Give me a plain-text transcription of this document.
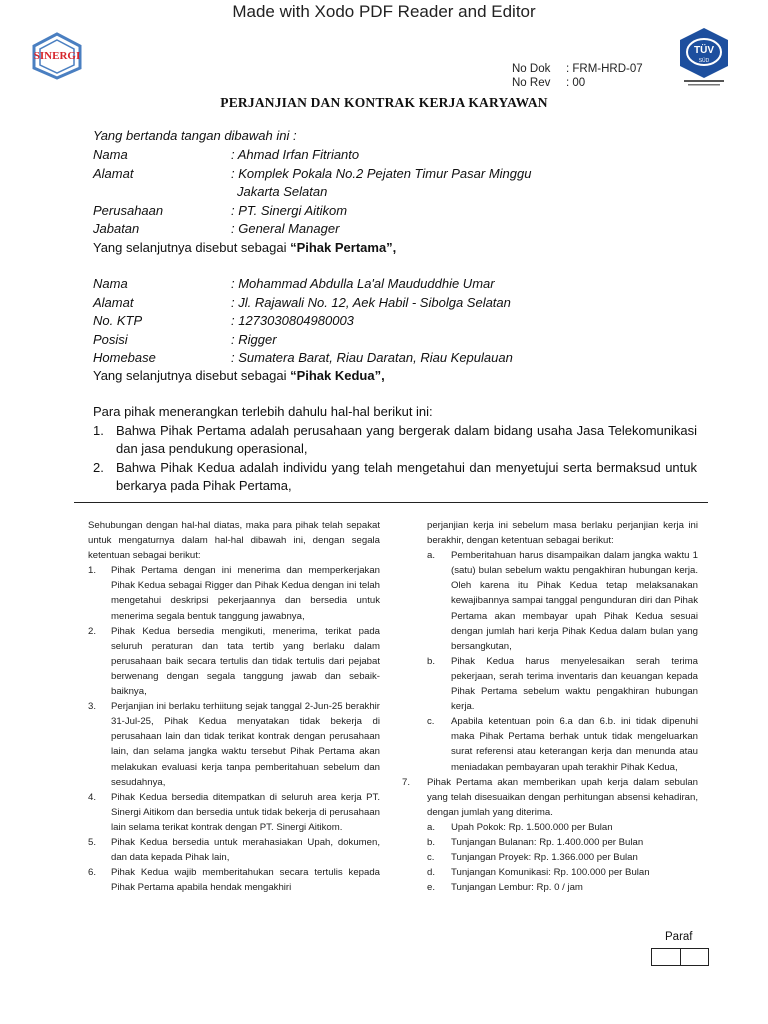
Made with Xodo PDF Reader and Editor
SINERGI	TÜV
SÜD
No Dok : FRM-HRD-07
No Rev : 00
PERJANJIAN DAN KONTRAK KERJA KARYAWAN
Yang bertanda tangan dibawah ini :
Nama	: Ahmad Irfan Fitrianto
Alamat	: Komplek Pokala No.2 Pejaten Timur Pasar Minggu
Jakarta Selatan
Perusahaan	: PT. Sinergi Aitikom
Jabatan	: General Manager
Yang selanjutnya disebut sebagai “Pihak Pertama”,
Nama	: Mohammad Abdulla La'al Maududdhie Umar
Alamat	: Jl. Rajawali No. 12, Aek Habil - Sibolga Selatan
No. KTP	: 1273030804980003
Posisi	: Rigger
Homebase	: Sumatera Barat, Riau Daratan, Riau Kepulauan
Yang selanjutnya disebut sebagai “Pihak Kedua”,
Para pihak menerangkan terlebih dahulu hal-hal berikut ini:
1. Bahwa Pihak Pertama adalah perusahaan yang bergerak dalam bidang usaha Jasa Telekomunikasi dan jasa pendukung operasional,
2. Bahwa Pihak Kedua adalah individu yang telah mengetahui dan menyetujui serta bermaksud untuk berkarya pada Pihak Pertama,
Sehubungan dengan hal-hal diatas, maka para pihak telah sepakat untuk mengaturnya dalam hal-hal dibawah ini, dengan segala ketentuan sebagai berikut:
1. Pihak Pertama dengan ini menerima dan memperkerjakan Pihak Kedua sebagai Rigger dan Pihak Kedua dengan ini telah mengetahui deskripsi pekerjaannya dan bersedia untuk menerima segala bentuk tanggung jawabnya,
2. Pihak Kedua bersedia mengikuti, menerima, terikat pada seluruh peraturan dan tata tertib yang berlaku dalam perusahaan baik secara tertulis dan tidak tertulis dari pejabat berwenang dengan segala tanggung jawab dan sebaik-baiknya,
3. Perjanjian ini berlaku terhiitung sejak tanggal 2-Jun-25 berakhir 31-Jul-25, Pihak Kedua menyatakan tidak bekerja di perusahaan lain dan tidak terikat kontrak dengan perusahaan lain, dan selama jangka waktu tersebut Pihak Pertama akan melakukan evaluasi kerja tanpa pemberitahuan sebelum dan sesudahnya,
4. Pihak Kedua bersedia ditempatkan di seluruh area kerja PT. Sinergi Aitikom dan bersedia untuk tidak bekerja di perusahaan lain selama terikat kontrak dengan PT. Sinergi Aitikom.
5. Pihak Kedua bersedia untuk merahasiakan Upah, dokumen, dan data kepada Pihak lain,
6. Pihak Kedua wajib memberitahukan secara tertulis kepada Pihak Pertama apabila hendak mengakhiri
perjanjian kerja ini sebelum masa berlaku perjanjian kerja ini berakhir, dengan ketentuan sebagai berikut:
a. Pemberitahuan harus disampaikan dalam jangka waktu 1 (satu) bulan sebelum waktu pengakhiran hubungan kerja. Oleh karena itu Pihak Kedua tetap melaksanakan kewajibannya sampai tanggal pengunduran diri dan Pihak Pertama akan membayar upah Pihak Kedua sesuai dengan jumlah hari kerja Pihak Kedua dalam bulan yang bersangkutan,
b. Pihak Kedua harus menyelesaikan serah terima pekerjaan, serah terima inventaris dan keuangan kepada Pihak Pertama sebelum waktu pengakhiran hubungan kerja.
c. Apabila ketentuan poin 6.a dan 6.b. ini tidak dipenuhi maka Pihak Pertama berhak untuk tidak mengeluarkan surat referensi atau keterangan kerja dan menunda atau meniadakan pembayaran upah terakhir Pihak Kedua,
7. Pihak Pertama akan memberikan upah kerja dalam sebulan yang telah disesuaikan dengan perhitungan absensi kehadiran, dengan jumlah yang diterima.
a. Upah Pokok: Rp. 1.500.000 per Bulan
b. Tunjangan Bulanan: Rp. 1.400.000 per Bulan
c. Tunjangan Proyek: Rp. 1.366.000 per Bulan
d. Tunjangan Komunikasi: Rp. 100.000 per Bulan
e. Tunjangan Lembur: Rp. 0 / jam
Paraf
